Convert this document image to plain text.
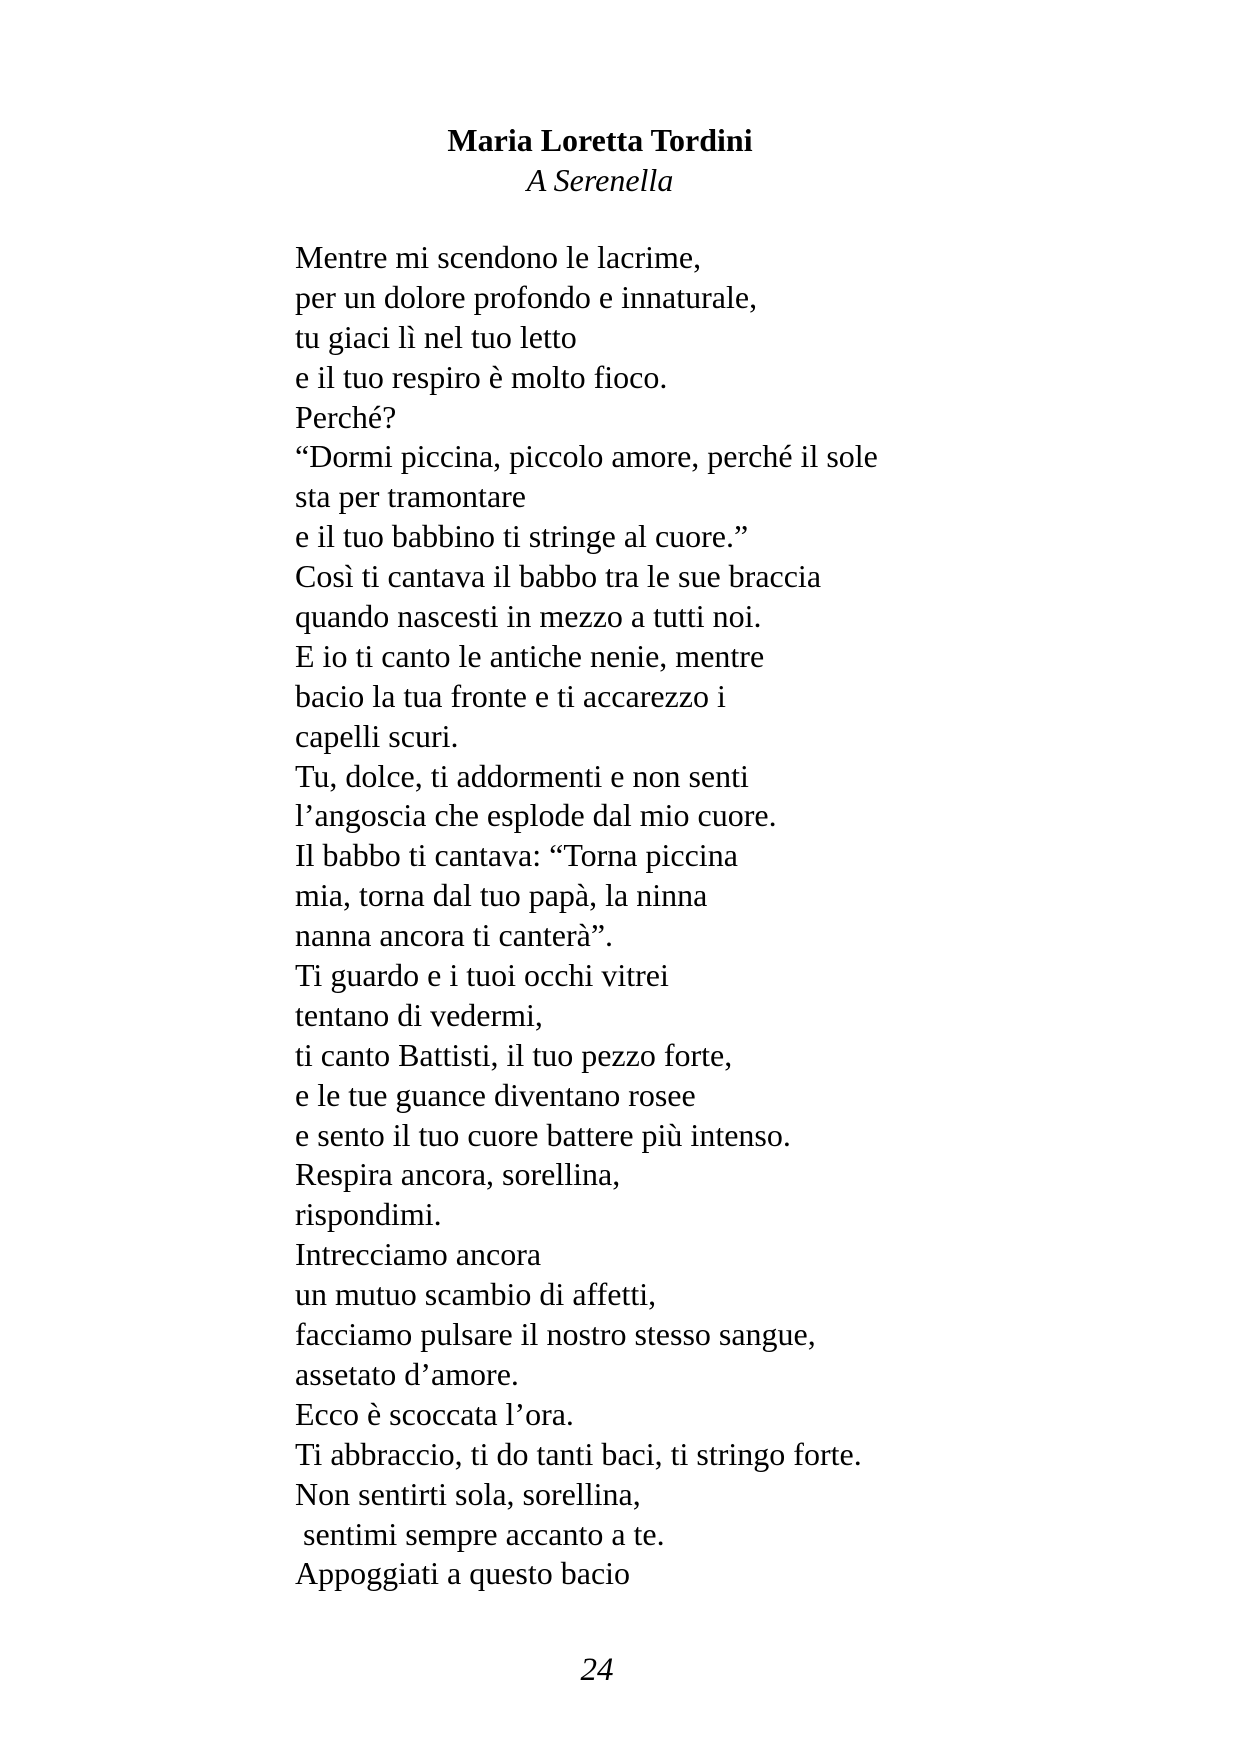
Maria Loretta Tordini
A Serenella
Mentre mi scendono le lacrime,
per un dolore profondo e innaturale,
tu giaci lì nel tuo letto
e il tuo respiro è molto fioco.
Perché?
“Dormi piccina, piccolo amore, perché il sole
sta per tramontare
e il tuo babbino ti stringe al cuore.”
Così ti cantava il babbo tra le sue braccia
quando nascesti in mezzo a tutti noi.
E io ti canto le antiche nenie, mentre
bacio la tua fronte e ti accarezzo i
capelli scuri.
Tu, dolce, ti addormenti e non senti
l’angoscia che esplode dal mio cuore.
Il babbo ti cantava: “Torna piccina
mia, torna dal tuo papà, la ninna
nanna ancora ti canterà”.
Ti guardo e i tuoi occhi vitrei
tentano di vedermi,
ti canto Battisti, il tuo pezzo forte,
e le tue guance diventano rosee
e sento il tuo cuore battere più intenso.
Respira ancora, sorellina,
rispondimi.
Intrecciamo ancora
un mutuo scambio di affetti,
facciamo pulsare il nostro stesso sangue,
assetato d’amore.
Ecco è scoccata l’ora.
Ti abbraccio, ti do tanti baci, ti stringo forte.
Non sentirti sola, sorellina,
sentimi sempre accanto a te.
Appoggiati a questo bacio
24
